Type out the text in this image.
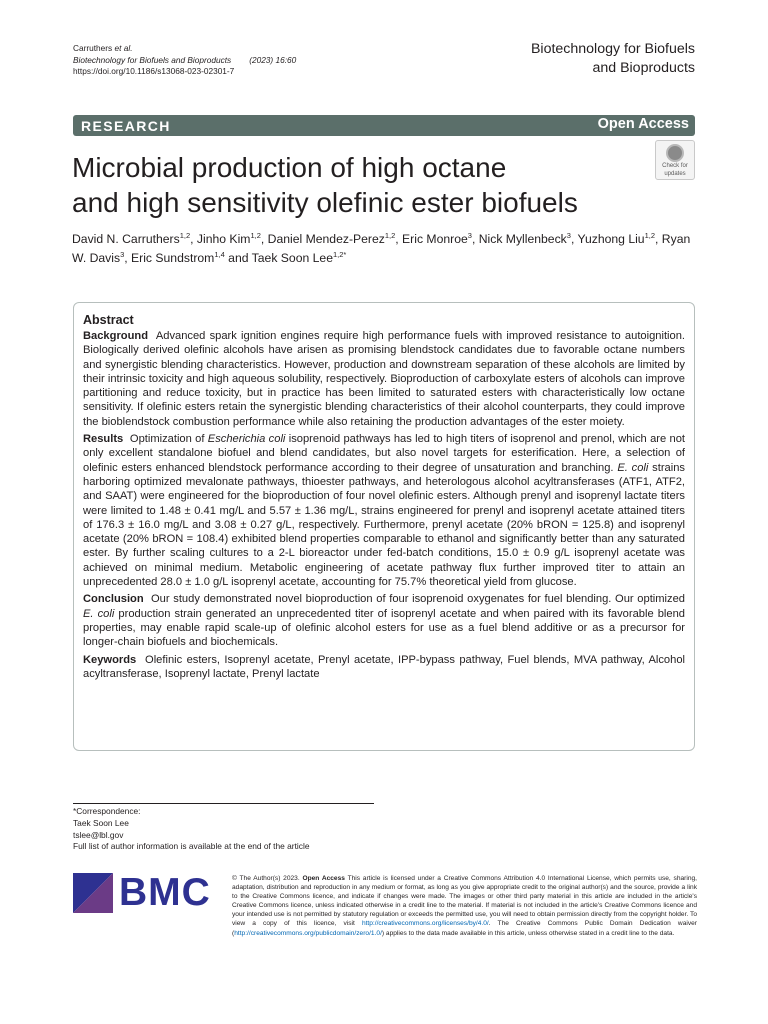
Carruthers et al.
Biotechnology for Biofuels and Bioproducts (2023) 16:60
https://doi.org/10.1186/s13068-023-02301-7
Biotechnology for Biofuels
and Bioproducts
RESEARCH	Open Access
Microbial production of high octane
and high sensitivity olefinic ester biofuels
Check for
updates
David N. Carruthers$^{1,2}$, Jinho Kim$^{1,2}$, Daniel Mendez-Perez$^{1,2}$, Eric Monroe$^3$, Nick Myllenbeck$^3$, Yuzhong Liu$^{1,2}$, Ryan W. Davis$^3$, Eric Sundstrom$^{1,4}$ and Taek Soon Lee$^{1,2*}$
Abstract

Background Advanced spark ignition engines require high performance fuels with improved resistance to autoignition. Biologically derived olefinic alcohols have arisen as promising blendstock candidates due to favorable octane numbers and synergistic blending characteristics. However, production and downstream separation of these alcohols are limited by their intrinsic toxicity and high aqueous solubility, respectively. Bioproduction of carboxylate esters of alcohols can improve partitioning and reduce toxicity, but in practice has been limited to saturated esters with characteristically low octane sensitivity. If olefinic esters retain the synergistic blending characteristics of their alcohol counterparts, they could improve the bioblendstock combustion performance while also retaining the production advantages of the ester moiety.

Results Optimization of Escherichia coli isoprenoid pathways has led to high titers of isoprenol and prenol, which are not only excellent standalone biofuel and blend candidates, but also novel targets for esterification. Here, a selection of olefinic esters enhanced blendstock performance according to their degree of unsaturation and branching. E. coli strains harboring optimized mevalonate pathways, thioester pathways, and heterologous alcohol acyltransferases (ATF1, ATF2, and SAAT) were engineered for the bioproduction of four novel olefinic esters. Although prenyl and isoprenyl lactate titers were limited to 1.48 ± 0.41 mg/L and 5.57 ± 1.36 mg/L, strains engineered for prenyl and isoprenyl acetate attained titers of 176.3 ± 16.0 mg/L and 3.08 ± 0.27 g/L, respectively. Furthermore, prenyl acetate (20% bRON = 125.8) and isoprenyl acetate (20% bRON = 108.4) exhibited blend properties comparable to ethanol and significantly better than any saturated ester. By further scaling cultures to a 2-L bioreactor under fed-batch conditions, 15.0 ± 0.9 g/L isoprenyl acetate was achieved on minimal medium. Metabolic engineering of acetate pathway flux further improved titer to attain an unprecedented 28.0 ± 1.0 g/L isoprenyl acetate, accounting for 75.7% theoretical yield from glucose.

Conclusion Our study demonstrated novel bioproduction of four isoprenoid oxygenates for fuel blending. Our optimized E. coli production strain generated an unprecedented titer of isoprenyl acetate and when paired with its favorable blend properties, may enable rapid scale-up of olefinic alcohol esters for use as a fuel blend additive or as a precursor for longer-chain biofuels and biochemicals.

Keywords Olefinic esters, Isoprenyl acetate, Prenyl acetate, IPP-bypass pathway, Fuel blends, MVA pathway, Alcohol acyltransferase, Isoprenyl lactate, Prenyl lactate

*Correspondence:
Taek Soon Lee
tslee@lbl.gov
Full list of author information is available at the end of the article
BMC	© The Author(s) 2023. Open Access This article is licensed under a Creative Commons Attribution 4.0 International License, which permits use, sharing, adaptation, distribution and reproduction in any medium or format, as long as you give appropriate credit to the original author(s) and the source, provide a link to the Creative Commons licence, and indicate if changes were made. The images or other third party material in this article are included in the article's Creative Commons licence, unless indicated otherwise in a credit line to the material. If material is not included in the article's Creative Commons licence and your intended use is not permitted by statutory regulation or exceeds the permitted use, you will need to obtain permission directly from the copyright holder. To view a copy of this licence, visit http://creativecommons.org/licenses/by/4.0/. The Creative Commons Public Domain Dedication waiver (http://creativecommons.org/publicdomain/zero/1.0/) applies to the data made available in this article, unless otherwise stated in a credit line to the data.
